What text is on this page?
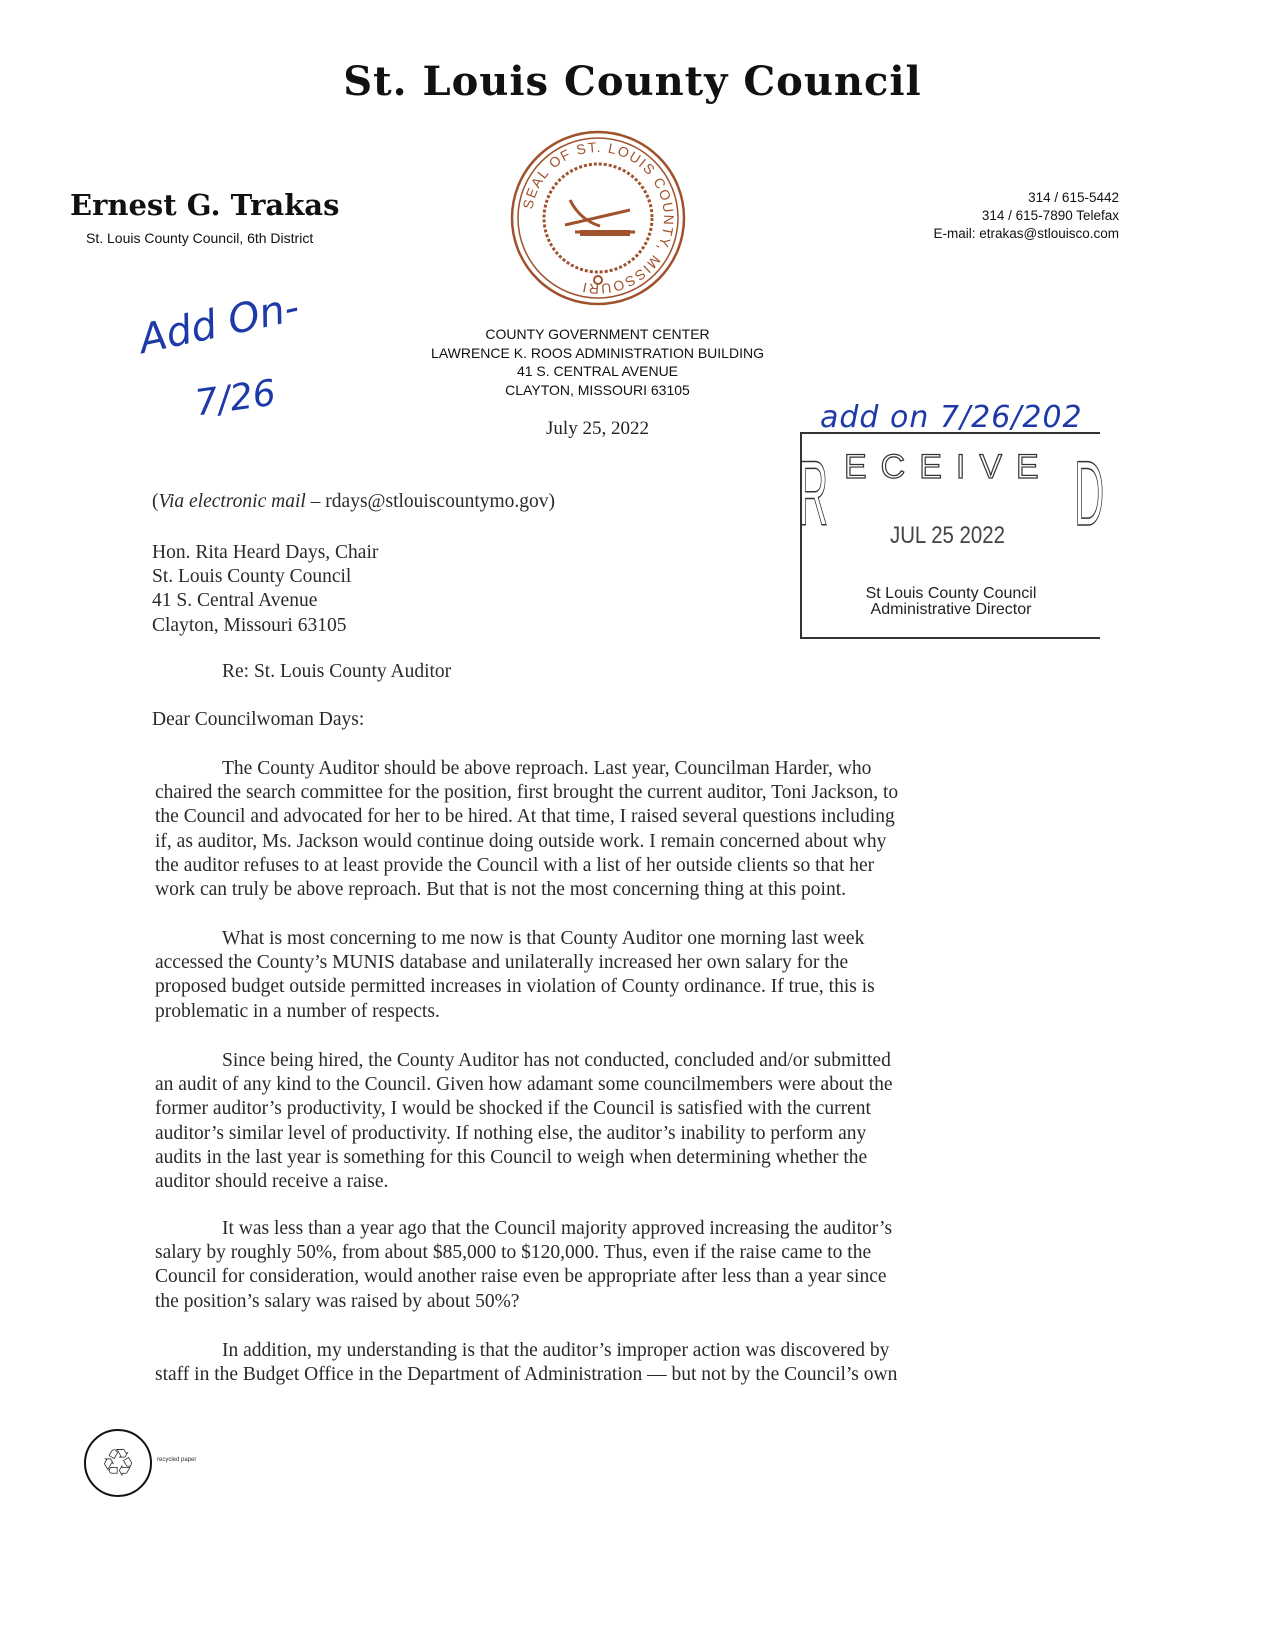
St. Louis County Council
Ernest G. Trakas
St. Louis County Council, 6th District
314 / 615-5442
314 / 615-7890 Telefax
E-mail: etrakas@stlouisco.com
SEAL OF ST. LOUIS COUNTY, MISSOURI
Add On-
7/26
COUNTY GOVERNMENT CENTER
LAWRENCE K. ROOS ADMINISTRATION BUILDING
41 S. CENTRAL AVENUE
CLAYTON, MISSOURI 63105
July 25, 2022	add on 7/26/202
R ECEIVE D
JUL 25 2022
St Louis County Council
Administrative Director
(Via electronic mail – rdays@stlouiscountymo.gov)
Hon. Rita Heard Days, Chair
St. Louis County Council
41 S. Central Avenue
Clayton, Missouri 63105
Re: St. Louis County Auditor
Dear Councilwoman Days:
The County Auditor should be above reproach. Last year, Councilman Harder, who
chaired the search committee for the position, first brought the current auditor, Toni Jackson, to
the Council and advocated for her to be hired. At that time, I raised several questions including
if, as auditor, Ms. Jackson would continue doing outside work. I remain concerned about why
the auditor refuses to at least provide the Council with a list of her outside clients so that her
work can truly be above reproach. But that is not the most concerning thing at this point.
What is most concerning to me now is that County Auditor one morning last week
accessed the County’s MUNIS database and unilaterally increased her own salary for the
proposed budget outside permitted increases in violation of County ordinance. If true, this is
problematic in a number of respects.
Since being hired, the County Auditor has not conducted, concluded and/or submitted
an audit of any kind to the Council. Given how adamant some councilmembers were about the
former auditor’s productivity, I would be shocked if the Council is satisfied with the current
auditor’s similar level of productivity. If nothing else, the auditor’s inability to perform any
audits in the last year is something for this Council to weigh when determining whether the
auditor should receive a raise.
It was less than a year ago that the Council majority approved increasing the auditor’s
salary by roughly 50%, from about $85,000 to $120,000. Thus, even if the raise came to the
Council for consideration, would another raise even be appropriate after less than a year since
the position’s salary was raised by about 50%?
In addition, my understanding is that the auditor’s improper action was discovered by
staff in the Budget Office in the Department of Administration — but not by the Council’s own
♲	recycled paper
